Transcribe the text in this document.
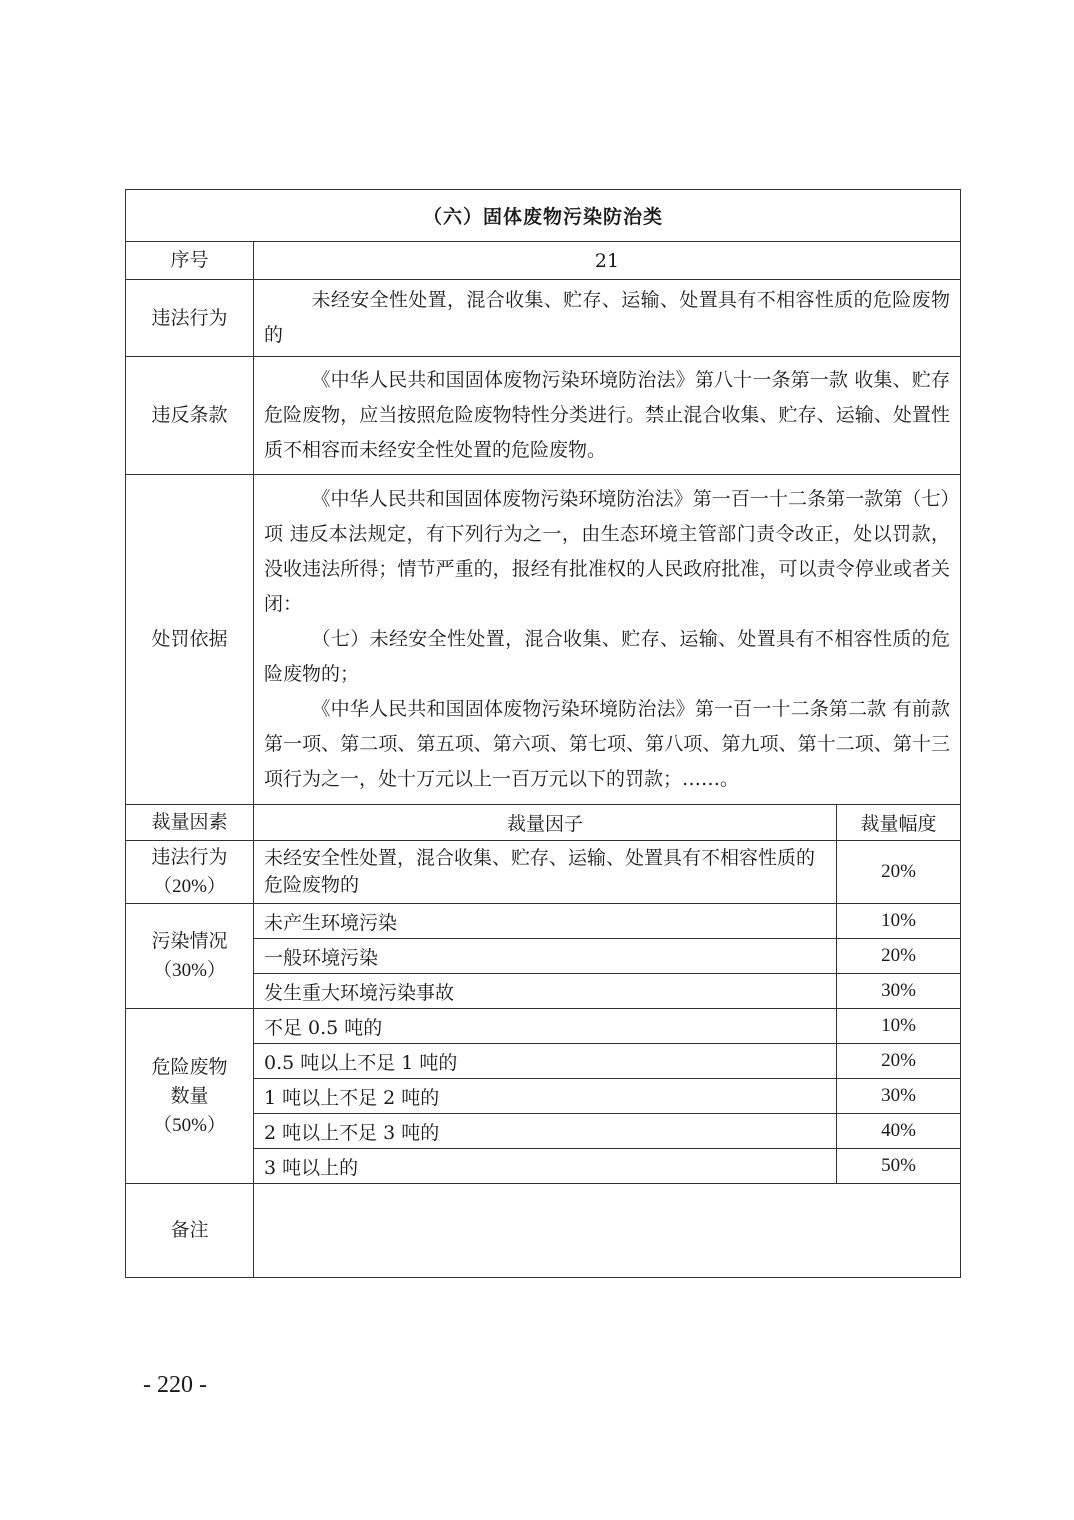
（六）固体废物污染防治类		
序号	21	
违法行为	未经安全性处置，混合收集、贮存、运输、处置具有不相容性质的危险废物的	

违反条款	《中华人民共和国固体废物污染环境防治法》第八十一条第一款 收集、贮存危险废物，应当按照危险废物特性分类进行。禁止混合收集、贮存、运输、处置性质不相容而未经安全性处置的危险废物。	

处罚依据	《中华人民共和国固体废物污染环境防治法》第一百一十二条第一款第（七）项 违反本法规定，有下列行为之一，由生态环境主管部门责令改正，处以罚款，没收违法所得；情节严重的，报经有批准权的人民政府批准，可以责令停业或者关闭：

（七）未经安全性处置，混合收集、贮存、运输、处置具有不相容性质的危险废物的；

《中华人民共和国固体废物污染环境防治法》第一百一十二条第二款 有前款第一项、第二项、第五项、第六项、第七项、第八项、第九项、第十二项、第十三项行为之一，处十万元以上一百万元以下的罚款；……。	

裁量因素	裁量因子	裁量幅度

违法行为
（20%）	未经安全性处置，混合收集、贮存、运输、处置具有不相容性质的危险废物的	20%

污染情况
（30%）	未产生环境污染	10%
	一般环境污染	20%
	发生重大环境污染事故	30%

危险废物
数量
（50%）	不足 0.5 吨的	10%
	0.5 吨以上不足 1 吨的	20%
	1 吨以上不足 2 吨的	30%
	2 吨以上不足 3 吨的	40%
	3 吨以上的	50%
备注		
- 220 -
